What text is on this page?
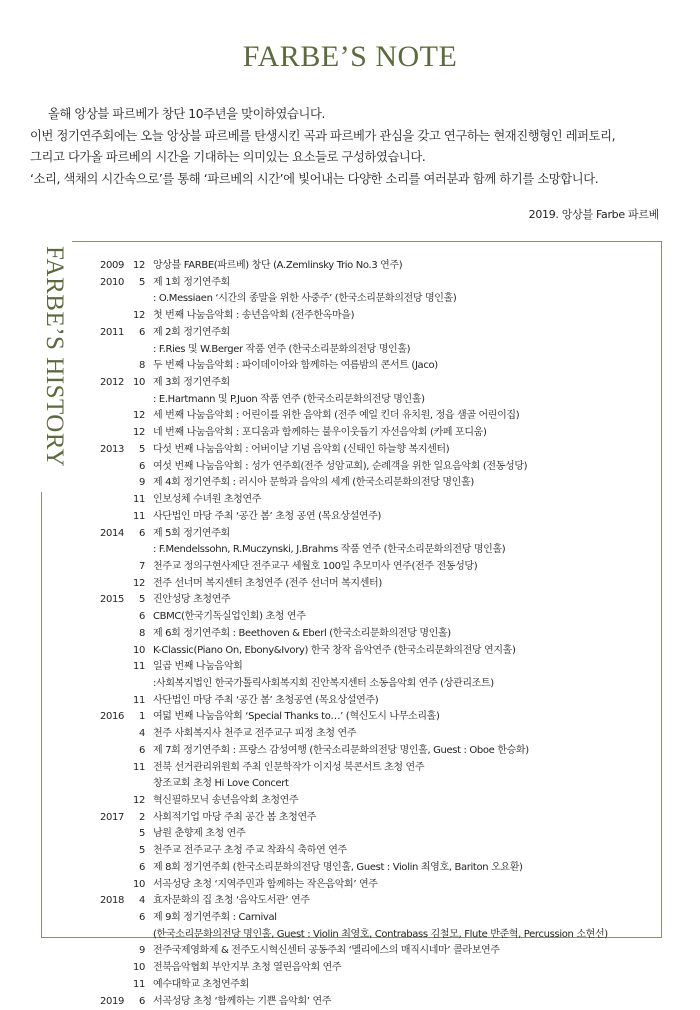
FARBE’S NOTE

올해 앙상블 파르베가 창단 10주년을 맞이하였습니다.

이번 정기연주회에는 오늘 앙상블 파르베를 탄생시킨 곡과 파르베가 관심을 갖고 연구하는 현재진행형인 레퍼토리,

그리고 다가올 파르베의 시간을 기대하는 의미있는 요소들로 구성하였습니다.

‘소리, 색채의 시간속으로’를 통해 ‘파르베의 시간’에 빛어내는 다양한 소리를 여러분과 함께 하기를 소망합니다.

2019. 앙상블 Farbe 파르베
FARBE’S HISTORY	2009 12 앙상블 FARBE(파르베) 창단 (A.Zemlinsky Trio No.3 연주)
2010	5 제 1회 정기연주회
: O.Messiaen ‘시간의 종말을 위한 사중주’ (한국소리문화의전당 명인홀)
12 첫 번째 나눔음악회 : 송년음악회 (전주한옥마을)
2011	6 제 2회 정기연주회
: F.Ries 및 W.Berger 작품 연주 (한국소리문화의전당 명인홀)
8 두 번째 나눔음악회 : 파이데이아와 함께하는 여름밤의 콘서트 (Jaco)
2012 10 제 3회 정기연주회
: E.Hartmann 및 P.Juon 작품 연주 (한국소리문화의전당 명인홀)
12 세 번째 나눔음악회 : 어린이를 위한 음악회 (전주 예일 킨더 유치원, 정읍 샘골 어린이집)
12 네 번째 나눔음악회 : 포디움과 함께하는 불우이웃돕기 자선음악회 (카페 포디움)
2013	5 다섯 번째 나눔음악회 : 어버이날 기념 음악회 (신태인 하늘향 복지센터)
6 여섯 번째 나눔음악회 : 성가 연주회(전주 성암교회), 순례객을 위한 일요음악회 (전동성당)
9 제 4회 정기연주회 : 러시아 문학과 음악의 세계 (한국소리문화의전당 명인홀)
11 인보성체 수녀원 초청연주
11 사단법인 마당 주최 ‘공간 봄’ 초청 공연 (목요상설연주)
2014	6 제 5회 정기연주회
: F.Mendelssohn, R.Muczynski, J.Brahms 작품 연주 (한국소리문화의전당 명인홀)
7 천주교 정의구현사제단 전주교구 세월호 100일 추모미사 연주(전주 전동성당)
12 전주 선너머 복지센터 초청연주 (전주 선너머 복지센터)
2015	5 진안성당 초청연주
6 CBMC(한국기독실업인회) 초청 연주
8 제 6회 정기연주회 : Beethoven & Eberl (한국소리문화의전당 명인홀)
10 K-Classic(Piano On, Ebony&Ivory) 한국 창작 음악연주 (한국소리문화의전당 연지홀)
11 일곱 번째 나눔음악회
:사회복지법인 한국가톨릭사회복지회 진안복지센터 소동음악회 연주 (상관리조트)
11 사단법인 마당 주최 ‘공간 봄’ 초청공연 (목요상설연주)
2016	1 여덟 번째 나눔음악회 ‘Special Thanks to…’ (혁신도시 나무소리홀)
4 천주 사회복지사 천주교 전주교구 피정 초청 연주
6 제 7회 정기연주회 : 프랑스 감성여행 (한국소리문화의전당 명인홀, Guest : Oboe 한승화)
11 전북 선거관리위원회 주최 인문학작가 이지성 북콘서트 초청 연주
창조교회 초청 Hi Love Concert
12 혁신필하모닉 송년음악회 초청연주
2017	2 사회적기업 마당 주최 공간 봄 초청연주
5 남원 춘향제 초청 연주
5 천주교 전주교구 초청 주교 착좌식 축하연 연주
6 제 8회 정기연주회 (한국소리문화의전당 명인홀, Guest : Violin 최영호, Bariton 오요환)
10 서곡성당 초청 ‘지역주민과 함께하는 작은음악회’ 연주
2018	4 효자문화의 집 초청 ‘음악도서관’ 연주
6 제 9회 정기연주회 : Carnival
(한국소리문화의전당 명인홀, Guest : Violin 최영호, Contrabass 김철모, Flute 반준혁, Percussion 소현선)
9 전주국제영화제 & 전주도시혁신센터 공동주최 ‘멜리에스의 매직시네마’ 콜라보연주
10 전북음악협회 부안지부 초청 열린음악회 연주
11 예수대학교 초청연주회
2019	6 서곡성당 초청 ‘함께하는 기쁜 음악회’ 연주
